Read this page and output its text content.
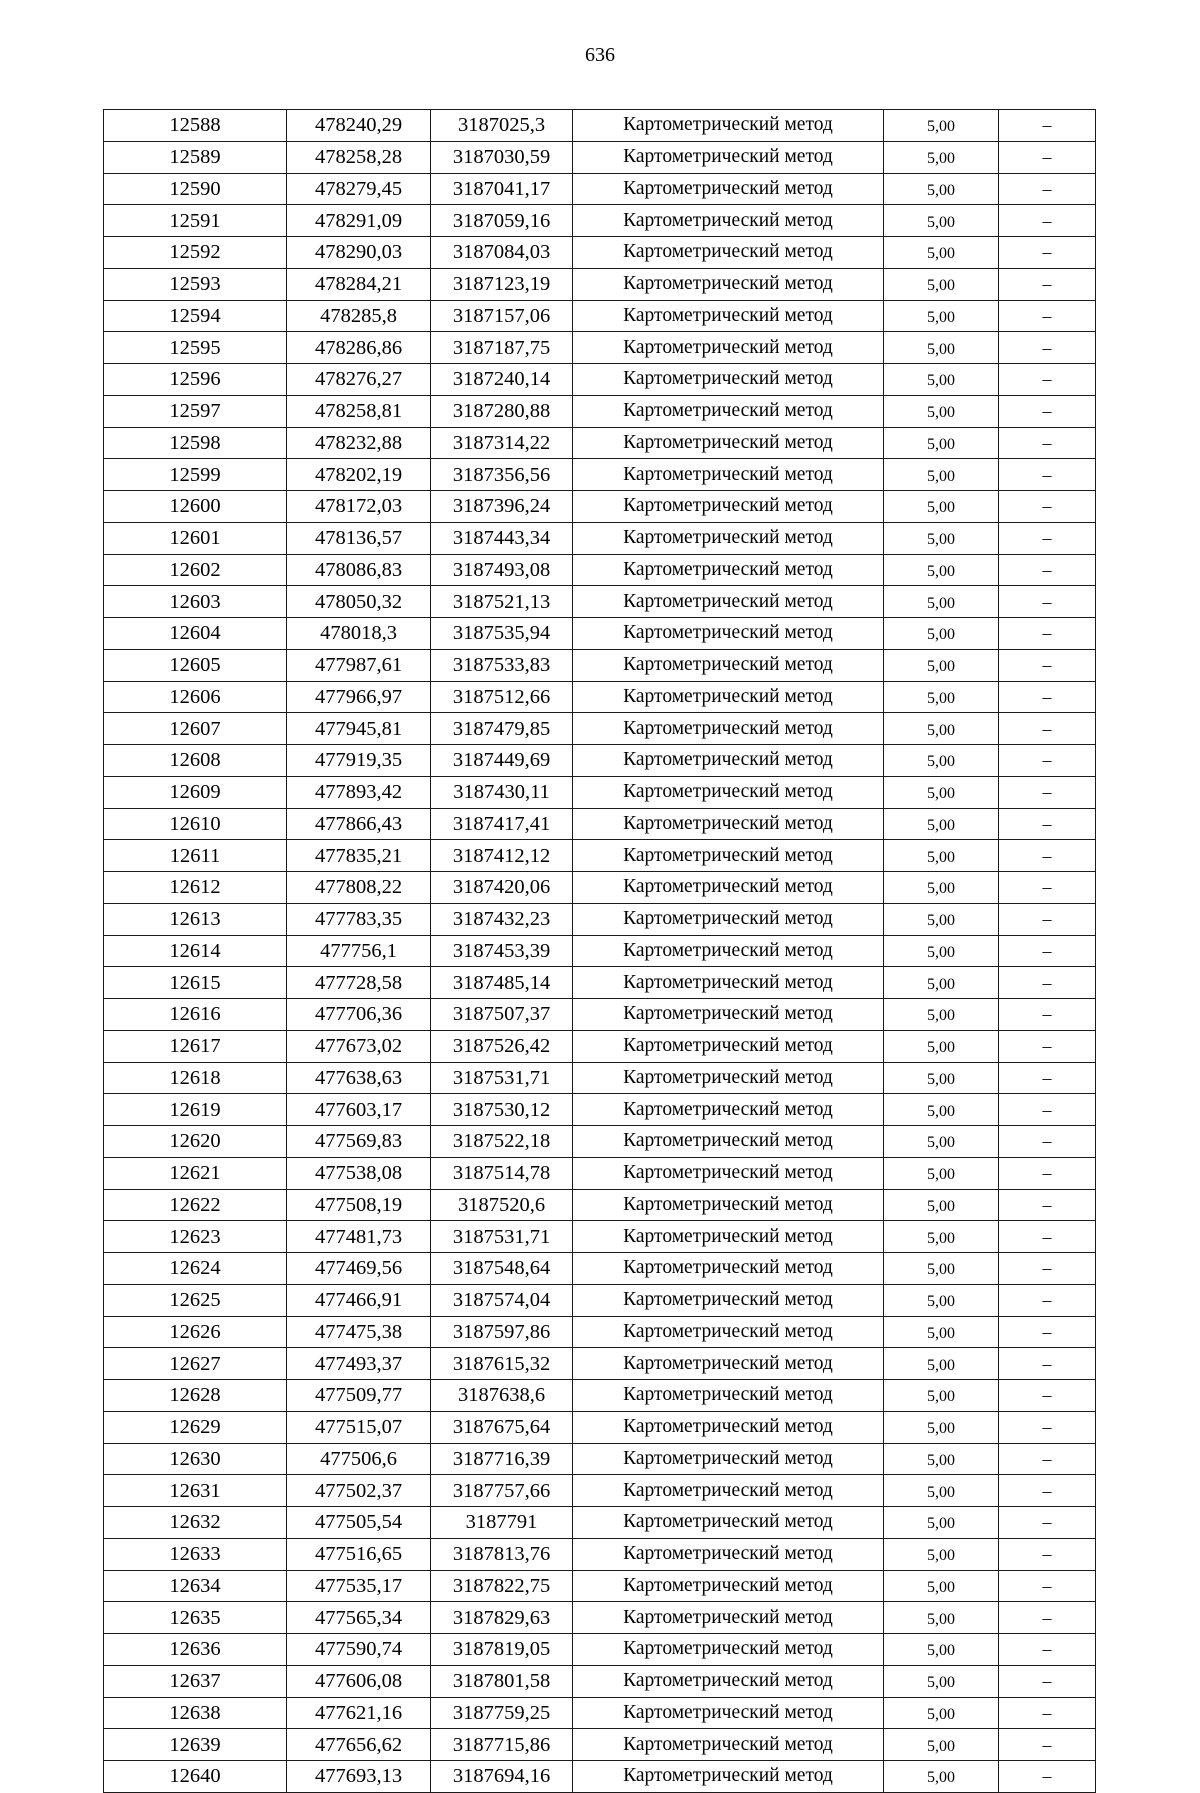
636
12588	478240,29	3187025,3	Картометрический метод	5,00	–
12589	478258,28	3187030,59	Картометрический метод	5,00	–
12590	478279,45	3187041,17	Картометрический метод	5,00	–
12591	478291,09	3187059,16	Картометрический метод	5,00	–
12592	478290,03	3187084,03	Картометрический метод	5,00	–
12593	478284,21	3187123,19	Картометрический метод	5,00	–
12594	478285,8	3187157,06	Картометрический метод	5,00	–
12595	478286,86	3187187,75	Картометрический метод	5,00	–
12596	478276,27	3187240,14	Картометрический метод	5,00	–
12597	478258,81	3187280,88	Картометрический метод	5,00	–
12598	478232,88	3187314,22	Картометрический метод	5,00	–
12599	478202,19	3187356,56	Картометрический метод	5,00	–
12600	478172,03	3187396,24	Картометрический метод	5,00	–
12601	478136,57	3187443,34	Картометрический метод	5,00	–
12602	478086,83	3187493,08	Картометрический метод	5,00	–
12603	478050,32	3187521,13	Картометрический метод	5,00	–
12604	478018,3	3187535,94	Картометрический метод	5,00	–
12605	477987,61	3187533,83	Картометрический метод	5,00	–
12606	477966,97	3187512,66	Картометрический метод	5,00	–
12607	477945,81	3187479,85	Картометрический метод	5,00	–
12608	477919,35	3187449,69	Картометрический метод	5,00	–
12609	477893,42	3187430,11	Картометрический метод	5,00	–
12610	477866,43	3187417,41	Картометрический метод	5,00	–
12611	477835,21	3187412,12	Картометрический метод	5,00	–
12612	477808,22	3187420,06	Картометрический метод	5,00	–
12613	477783,35	3187432,23	Картометрический метод	5,00	–
12614	477756,1	3187453,39	Картометрический метод	5,00	–
12615	477728,58	3187485,14	Картометрический метод	5,00	–
12616	477706,36	3187507,37	Картометрический метод	5,00	–
12617	477673,02	3187526,42	Картометрический метод	5,00	–
12618	477638,63	3187531,71	Картометрический метод	5,00	–
12619	477603,17	3187530,12	Картометрический метод	5,00	–
12620	477569,83	3187522,18	Картометрический метод	5,00	–
12621	477538,08	3187514,78	Картометрический метод	5,00	–
12622	477508,19	3187520,6	Картометрический метод	5,00	–
12623	477481,73	3187531,71	Картометрический метод	5,00	–
12624	477469,56	3187548,64	Картометрический метод	5,00	–
12625	477466,91	3187574,04	Картометрический метод	5,00	–
12626	477475,38	3187597,86	Картометрический метод	5,00	–
12627	477493,37	3187615,32	Картометрический метод	5,00	–
12628	477509,77	3187638,6	Картометрический метод	5,00	–
12629	477515,07	3187675,64	Картометрический метод	5,00	–
12630	477506,6	3187716,39	Картометрический метод	5,00	–
12631	477502,37	3187757,66	Картометрический метод	5,00	–
12632	477505,54	3187791	Картометрический метод	5,00	–
12633	477516,65	3187813,76	Картометрический метод	5,00	–
12634	477535,17	3187822,75	Картометрический метод	5,00	–
12635	477565,34	3187829,63	Картометрический метод	5,00	–
12636	477590,74	3187819,05	Картометрический метод	5,00	–
12637	477606,08	3187801,58	Картометрический метод	5,00	–
12638	477621,16	3187759,25	Картометрический метод	5,00	–
12639	477656,62	3187715,86	Картометрический метод	5,00	–
12640	477693,13	3187694,16	Картометрический метод	5,00	–
